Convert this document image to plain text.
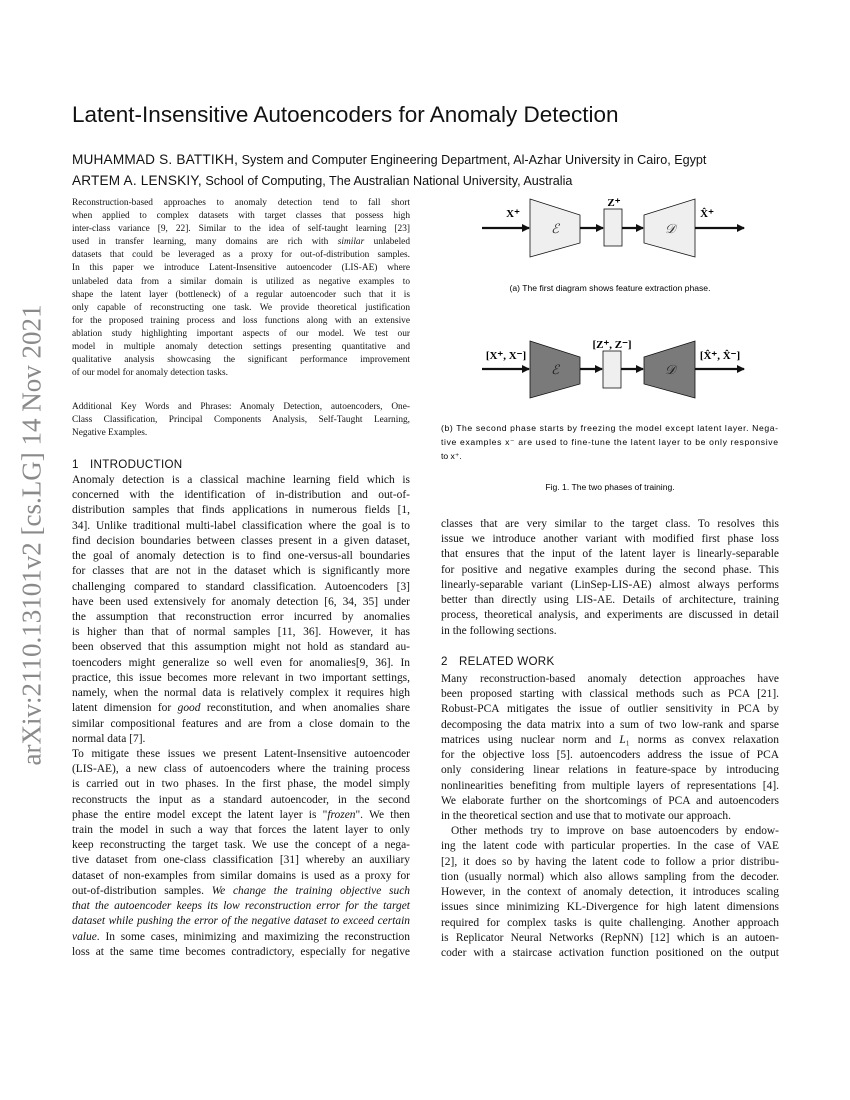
arXiv:2110.13101v2 [cs.LG] 14 Nov 2021
Latent-Insensitive Autoencoders for Anomaly Detection
MUHAMMAD S. BATTIKH, System and Computer Engineering Department, Al-Azhar University in Cairo, Egypt
ARTEM A. LENSKIY, School of Computing, The Australian National University, Australia
Reconstruction-based approaches to anomaly detection tend to fall short
when applied to complex datasets with target classes that possess high
inter-class variance [9, 22]. Similar to the idea of self-taught learning [23]
used in transfer learning, many domains are rich with similar unlabeled
datasets that could be leveraged as a proxy for out-of-distribution samples.
In this paper we introduce Latent-Insensitive autoencoder (LIS-AE) where
unlabeled data from a similar domain is utilized as negative examples to
shape the latent layer (bottleneck) of a regular autoencoder such that it is
only capable of reconstructing one task. We provide theoretical justification
for the proposed training process and loss functions along with an extensive
ablation study highlighting important aspects of our model. We test our
model in multiple anomaly detection settings presenting quantitative and
qualitative analysis showcasing the significant performance improvement
of our model for anomaly detection tasks.
Additional Key Words and Phrases: Anomaly Detection, autoencoders, One-
Class Classification, Principal Components Analysis, Self-Taught Learning,
Negative Examples.
1 INTRODUCTION
Anomaly detection is a classical machine learning field which is
concerned with the identification of in-distribution and out-of-
distribution samples that finds applications in numerous fields [1,
34]. Unlike traditional multi-label classification where the goal is to
find decision boundaries between classes present in a given dataset,
the goal of anomaly detection is to find one-versus-all boundaries
for classes that are not in the dataset which is significantly more
challenging compared to standard classification. Autoencoders [3]
have been used extensively for anomaly detection [6, 34, 35] under
the assumption that reconstruction error incurred by anomalies
is higher than that of normal samples [11, 36]. However, it has
been observed that this assumption might not hold as standard au-
toencoders might generalize so well even for anomalies[9, 36]. In
practice, this issue becomes more relevant in two important settings,
namely, when the normal data is relatively complex it requires high
latent dimension for good reconstitution, and when anomalies share
similar compositional features and are from a close domain to the
normal data [7].
To mitigate these issues we present Latent-Insensitive autoencoder
(LIS-AE), a new class of autoencoders where the training process
is carried out in two phases. In the first phase, the model simply
reconstructs the input as a standard autoencoder, in the second
phase the entire model except the latent layer is "frozen". We then
train the model in such a way that forces the latent layer to only
keep reconstructing the target task. We use the concept of a nega-
tive dataset from one-class classification [31] whereby an auxiliary
dataset of non-examples from similar domains is used as a proxy for
out-of-distribution samples. We change the training objective such
that the autoencoder keeps its low reconstruction error for the target
dataset while pushing the error of the negative dataset to exceed certain
value. In some cases, minimizing and maximizing the reconstruction
loss at the same time becomes contradictory, especially for negative
X⁺
Z⁺
X̂⁺
ℰ	𝒟
(a) The first diagram shows feature extraction phase.
[X⁺, X⁻]
[Z⁺, Z⁻]
[X̂⁺, X̂⁻]
ℰ	𝒟
(b) The second phase starts by freezing the model except latent layer. Nega-
tive examples x⁻ are used to fine-tune the latent layer to be only responsive
to x⁺.
Fig. 1. The two phases of training.
classes that are very similar to the target class. To resolves this
issue we introduce another variant with modified first phase loss
that ensures that the input of the latent layer is linearly-separable
for positive and negative examples during the second phase. This
linearly-separable variant (LinSep-LIS-AE) almost always performs
better than directly using LIS-AE. Details of architecture, training
process, theoretical analysis, and experiments are discussed in detail
in the following sections.
2 RELATED WORK
Many reconstruction-based anomaly detection approaches have
been proposed starting with classical methods such as PCA [21].
Robust-PCA mitigates the issue of outlier sensitivity in PCA by
decomposing the data matrix into a sum of two low-rank and sparse
matrices using nuclear norm and L₁ norms as convex relaxation
for the objective loss [5]. autoencoders address the issue of PCA
only considering linear relations in feature-space by introducing
nonlinearities benefiting from multiple layers of representations [4].
We elaborate further on the shortcomings of PCA and autoencoders
in the theoretical section and use that to motivate our approach.
Other methods try to improve on base autoencoders by endow-
ing the latent code with particular properties. In the case of VAE
[2], it does so by having the latent code to follow a prior distribu-
tion (usually normal) which also allows sampling from the decoder.
However, in the context of anomaly detection, it introduces scaling
issues since minimizing KL-Divergence for high latent dimensions
required for complex tasks is quite challenging. Another approach
is Replicator Neural Networks (RepNN) [12] which is an autoen-
coder with a staircase activation function positioned on the output
